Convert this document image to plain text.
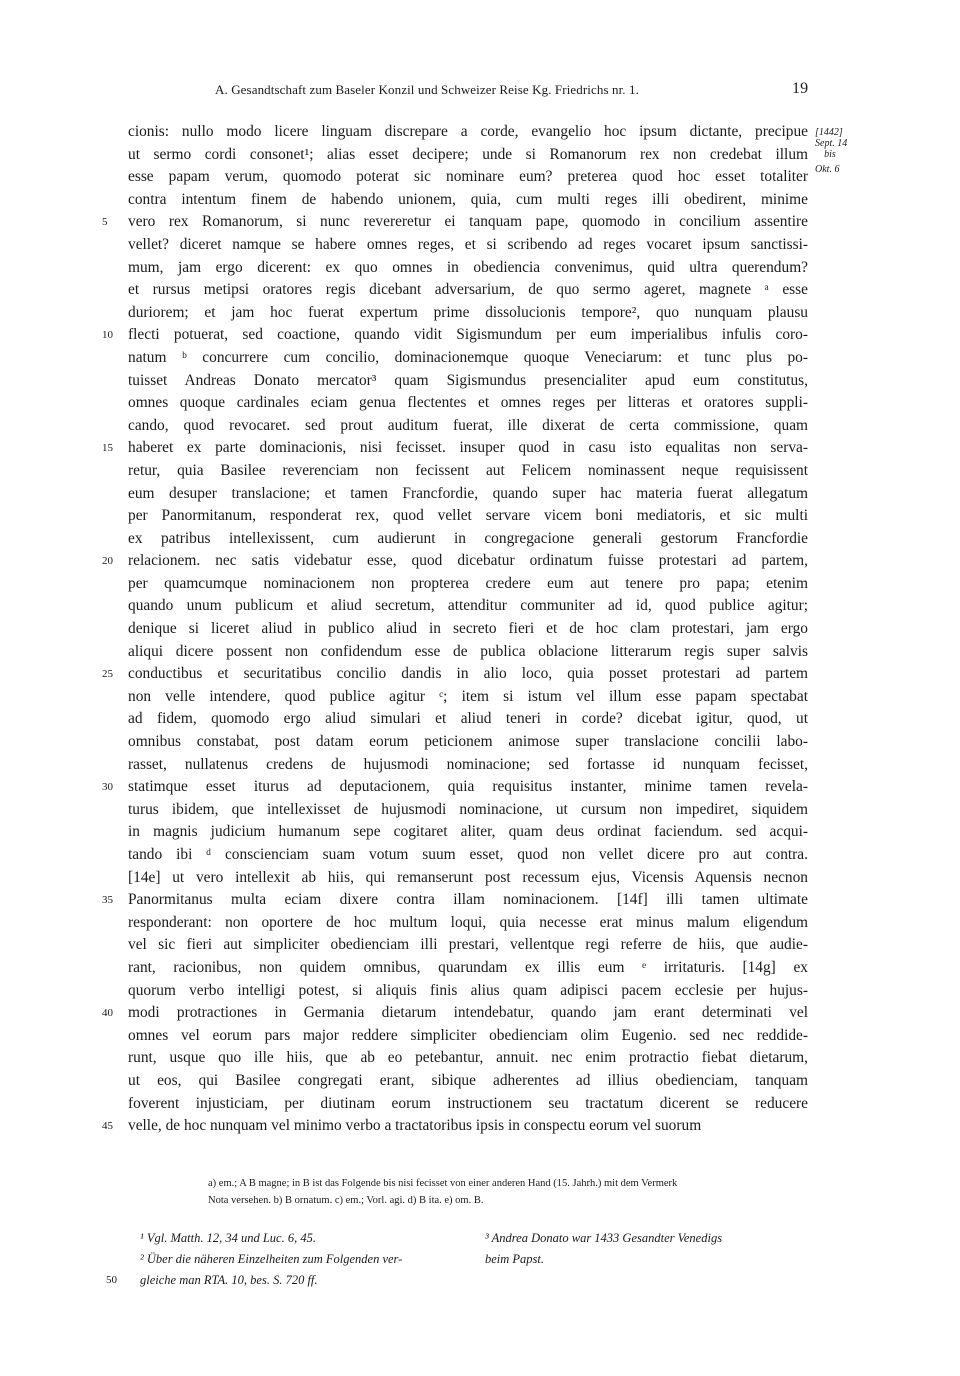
A. Gesandtschaft zum Baseler Konzil und Schweizer Reise Kg. Friedrichs nr. 1.	19
[1442]
Sept. 14
bis
Okt. 6
cionis: nullo modo licere linguam discrepare a corde, evangelio hoc ipsum dictante, precipue
ut sermo cordi consonet¹; alias esset decipere; unde si Romanorum rex non credebat illum
esse papam verum, quomodo poterat sic nominare eum? preterea quod hoc esset totaliter
contra intentum finem de habendo unionem, quia, cum multi reges illi obedirent, minime
5	vero rex Romanorum, si nunc revereretur ei tanquam pape, quomodo in concilium assentire
vellet? diceret namque se habere omnes reges, et si scribendo ad reges vocaret ipsum sanctissi-
mum, jam ergo dicerent: ex quo omnes in obedienciа convenimus, quid ultra querendum?
et rursus metipsi oratores regis dicebant adversarium, de quo sermo ageret, magnete ᵃ esse
duriorem; et jam hoc fuerat expertum prime dissolucionis tempore², quo nunquam plausu
10 flecti potuerat, sed coactione, quando vidit Sigismundum per eum imperialibus infulis coro-
natum ᵇ concurrere cum concilio, dominacionemque quoque Veneciarum: et tunc plus po-
tuisset Andreas Donato mercator³ quam Sigismundus presencialiter apud eum constitutus,
omnes quoque cardinales eciam genua flectentes et omnes reges per litteras et oratores suppli-
cando, quod revocaret. sed prout auditum fuerat, ille dixerat de certa commissione, quam
15 haberet ex parte dominacionis, nisi fecisset. insuper quod in casu isto equalitas non serva-
retur, quia Basilee reverenciam non fecissent aut Felicem nominassent neque requisissent
eum desuper translacione; et tamen Francfordie, quando super hac materia fuerat allegatum
per Panormitanum, responderat rex, quod vellet servare vicem boni mediatoris, et sic multi
ex patribus intellexissent, cum audierunt in congregacione generali gestorum Francfordie
20 relacionem. nec satis videbatur esse, quod dicebatur ordinatum fuisse protestari ad partem,
per quamcumque nominacionem non propterea credere eum aut tenere pro papa; etenim
quando unum publicum et aliud secretum, attenditur communiter ad id, quod publice agitur;
denique si liceret aliud in publico aliud in secreto fieri et de hoc clam protestari, jam ergo
aliqui dicere possent non confidendum esse de publica oblacione litterarum regis super salvis
25 conductibus et securitatibus concilio dandis in alio loco, quia posset protestari ad partem
non velle intendere, quod publice agitur ᶜ; item si istum vel illum esse papam spectabat
ad fidem, quomodo ergo aliud simulari et aliud teneri in corde? dicebat igitur, quod, ut
omnibus constabat, post datam eorum peticionem animose super translacione concilii labo-
rasset, nullatenus credens de hujusmodi nominacione; sed fortasse id nunquam fecisset,
30 statimque esset iturus ad deputacionem, quia requisitus instanter, minime tamen revela-
turus ibidem, que intellexisset de hujusmodi nominacione, ut cursum non impediret, siquidem
in magnis judicium humanum sepe cogitaret aliter, quam deus ordinat faciendum. sed acqui-
tando ibi ᵈ conscienciam suam votum suum esset, quod non vellet dicere pro aut contra.
[14e] ut vero intellexit ab hiis, qui remanserunt post recessum ejus, Vicensis Aquensis necnon
35 Panormitanus multa eciam dixere contra illam nominacionem. [14f] illi tamen ultimate
responderant: non oportere de hoc multum loqui, quia necesse erat minus malum eligendum
vel sic fieri aut simpliciter obedienciam illi prestari, vellentque regi referre de hiis, que audie-
rant, racionibus, non quidem omnibus, quarundam ex illis eum ᵉ irritaturis. [14g] ex
quorum verbo intelligi potest, si aliquis finis alius quam adipisci pacem ecclesie per hujus-
40 modi protractiones in Germania dietarum intendebatur, quando jam erant determinati vel
omnes vel eorum pars major reddere simpliciter obedienciam olim Eugenio. sed nec reddide-
runt, usque quo ille hiis, que ab eo petebantur, annuit. nec enim protractio fiebat dietarum,
ut eos, qui Basilee congregati erant, sibique adherentes ad illius obedienciam, tanquam
foverent injusticiam, per diutinam eorum instructionem seu tractatum dicerent se reducere
45 velle, de hoc nunquam vel minimo verbo a tractatoribus ipsis in conspectu eorum vel suorum
a) em.; A B magne; in B ist das Folgende bis nisi fecisset von einer anderen Hand (15. Jahrh.) mit dem Vermerk
Nota versehen. b) B ornatum. c) em.; Vorl. agi. d) B ita. e) om. B.
¹ Vgl. Matth. 12, 34 und Luc. 6, 45.
² Über die näheren Einzelheiten zum Folgenden ver-
50 gleiche man RTA. 10, bes. S. 720 ff.
³ Andrea Donato war 1433 Gesandter Venedigs
beim Papst.
